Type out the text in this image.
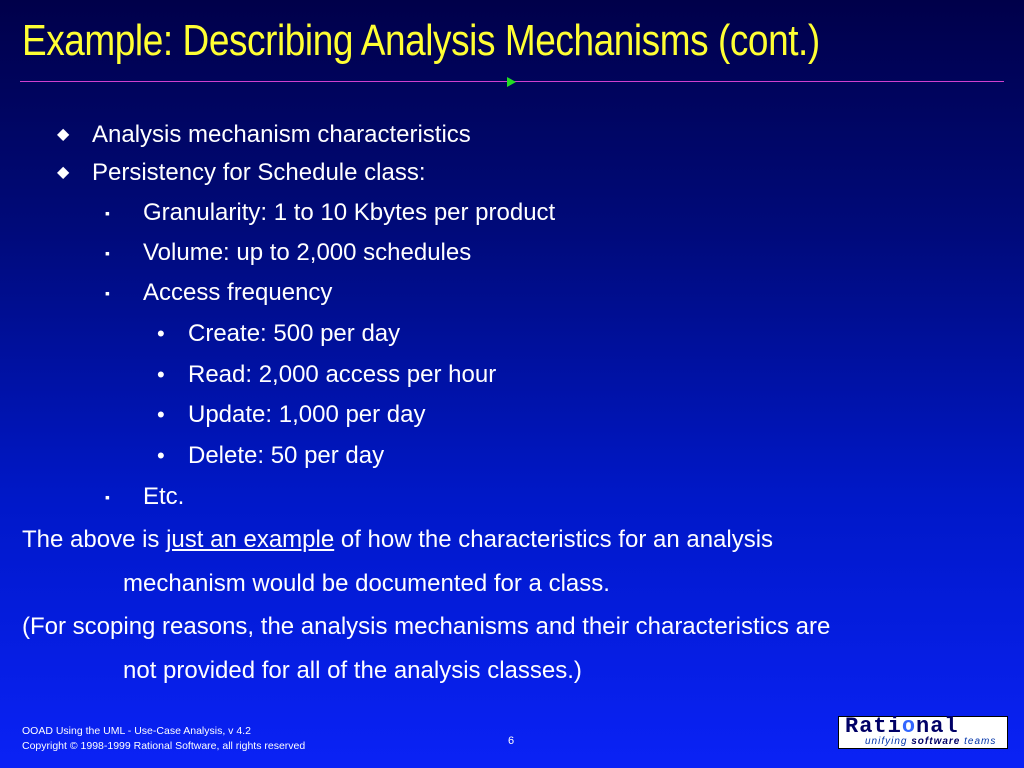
Example: Describing Analysis Mechanisms (cont.)
◆ Analysis mechanism characteristics
◆ Persistency for Schedule class:
▪ Granularity: 1 to 10 Kbytes per product
▪ Volume: up to 2,000 schedules
▪ Access frequency
• Create: 500 per day
• Read: 2,000 access per hour
• Update: 1,000 per day
• Delete: 50 per day
▪ Etc.
The above is just an example of how the characteristics for an analysis
mechanism would be documented for a class.
(For scoping reasons, the analysis mechanisms and their characteristics are
not provided for all of the analysis classes.)
OOAD Using the UML - Use-Case Analysis, v 4.2
Copyright © 1998-1999 Rational Software, all rights reserved	6
Rational
unifying software teams
